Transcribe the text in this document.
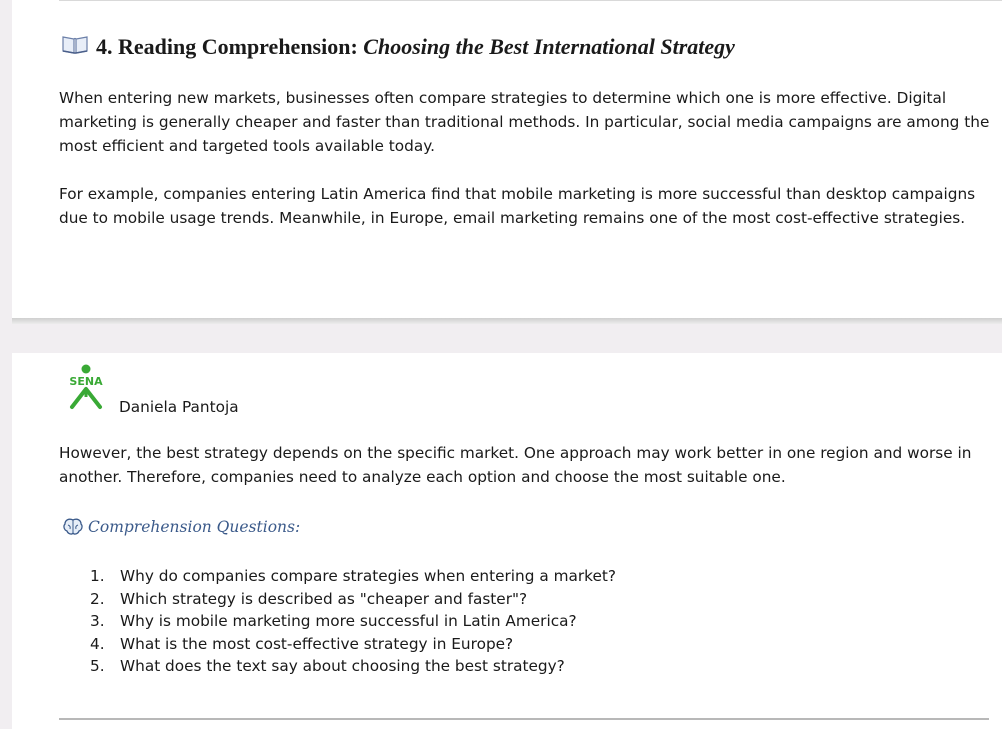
4. Reading Comprehension:
Choosing the Best International Strategy

When entering new markets, businesses often compare strategies to determine which one is more effective. Digital marketing is generally cheaper and faster than traditional methods. In particular, social media campaigns are among the most efficient and targeted tools available today.

For example, companies entering Latin America find that mobile marketing is more successful than desktop campaigns due to mobile usage trends. Meanwhile, in Europe, email marketing remains one of the most cost-effective strategies.

SENA
Daniela Pantoja

However, the best strategy depends on the specific market. One approach may work better in one region and worse in another. Therefore, companies need to analyze each option and choose the most suitable one.

Comprehension Questions:
1.	Why do companies compare strategies when entering a market?
2.	Which strategy is described as "cheaper and faster"?
3.	Why is mobile marketing more successful in Latin America?
4.	What is the most cost-effective strategy in Europe?
5.	What does the text say about choosing the best strategy?
